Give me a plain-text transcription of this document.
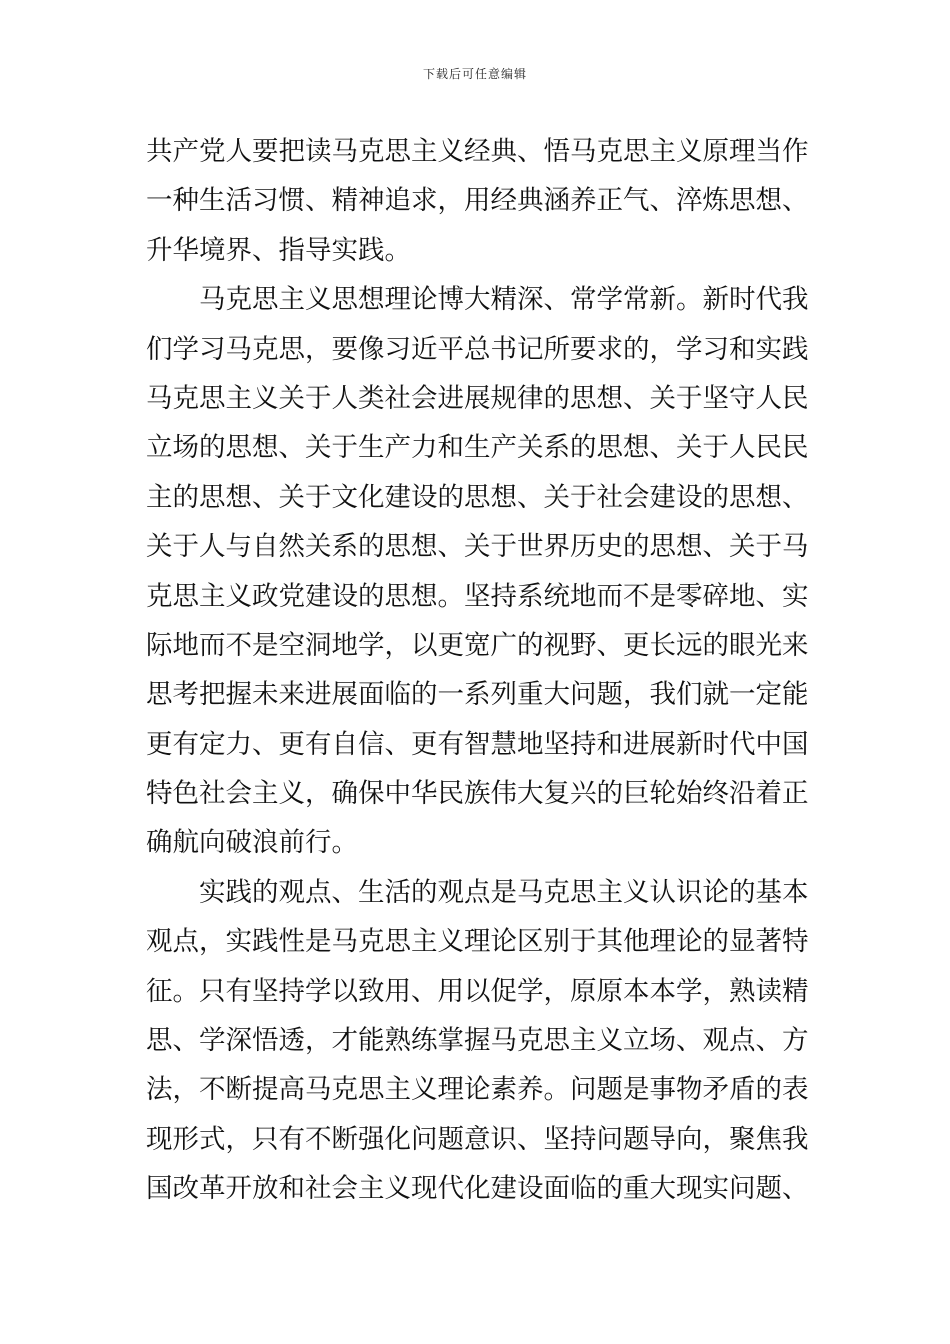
下载后可任意编辑
共产党人要把读马克思主义经典、悟马克思主义原理当作
一种生活习惯、精神追求，用经典涵养正气、淬炼思想、
升华境界、指导实践。
马克思主义思想理论博大精深、常学常新。新时代我
们学习马克思，要像习近平总书记所要求的，学习和实践
马克思主义关于人类社会进展规律的思想、关于坚守人民
立场的思想、关于生产力和生产关系的思想、关于人民民
主的思想、关于文化建设的思想、关于社会建设的思想、
关于人与自然关系的思想、关于世界历史的思想、关于马
克思主义政党建设的思想。坚持系统地而不是零碎地、实
际地而不是空洞地学，以更宽广的视野、更长远的眼光来
思考把握未来进展面临的一系列重大问题，我们就一定能
更有定力、更有自信、更有智慧地坚持和进展新时代中国
特色社会主义，确保中华民族伟大复兴的巨轮始终沿着正
确航向破浪前行。
实践的观点、生活的观点是马克思主义认识论的基本
观点，实践性是马克思主义理论区别于其他理论的显著特
征。只有坚持学以致用、用以促学，原原本本学，熟读精
思、学深悟透，才能熟练掌握马克思主义立场、观点、方
法，不断提高马克思主义理论素养。问题是事物矛盾的表
现形式，只有不断强化问题意识、坚持问题导向，聚焦我
国改革开放和社会主义现代化建设面临的重大现实问题、
